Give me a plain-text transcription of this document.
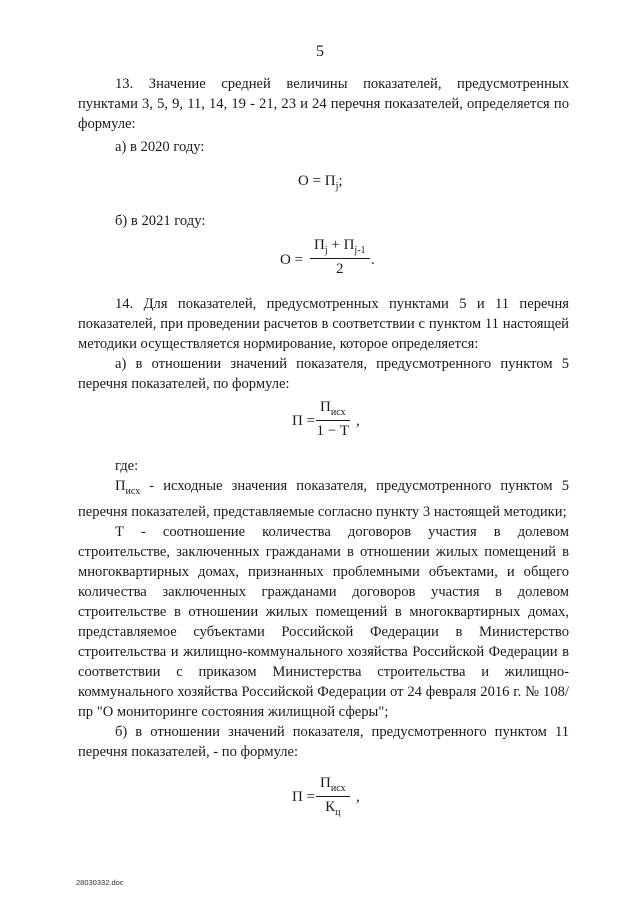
5

13. Значение средней величины показателей, предусмотренных пунктами 3, 5, 9, 11, 14, 19 - 21, 23 и 24 перечня показателей, определяется по формуле:

а) в 2020 году:

$О = П_j$;

б) в 2021 году:

О =
$П_j + П_{j-1}$
2
.

14. Для показателей, предусмотренных пунктами 5 и 11 перечня показателей, при проведении расчетов в соответствии с пунктом 11 настоящей методики осуществляется нормирование, которое определяется:

а) в отношении значений показателя, предусмотренного пунктом 5 перечня показателей, по формуле:

П =
$П_{исх}$
1 − Т
,

где:

$П_{исх}$ - исходные значения показателя, предусмотренного пунктом 5 перечня показателей, представляемые согласно пункту 3 настоящей методики;

Т - соотношение количества договоров участия в долевом строительстве, заключенных гражданами в отношении жилых помещений в многоквартирных домах, признанных проблемными объектами, и общего количества заключенных гражданами договоров участия в долевом строительстве в отношении жилых помещений в многоквартирных домах, представляемое субъектами Российской Федерации в Министерство строительства и жилищно-коммунального хозяйства Российской Федерации в соответствии с приказом Министерства строительства и жилищно-коммунального хозяйства Российской Федерации от 24 февраля 2016 г. № 108/пр "О мониторинге состояния жилищной сферы";

б) в отношении значений показателя, предусмотренного пунктом 11 перечня показателей, - по формуле:

П =
$П_{исх}$
$К_ц$
,
28030332.doc
